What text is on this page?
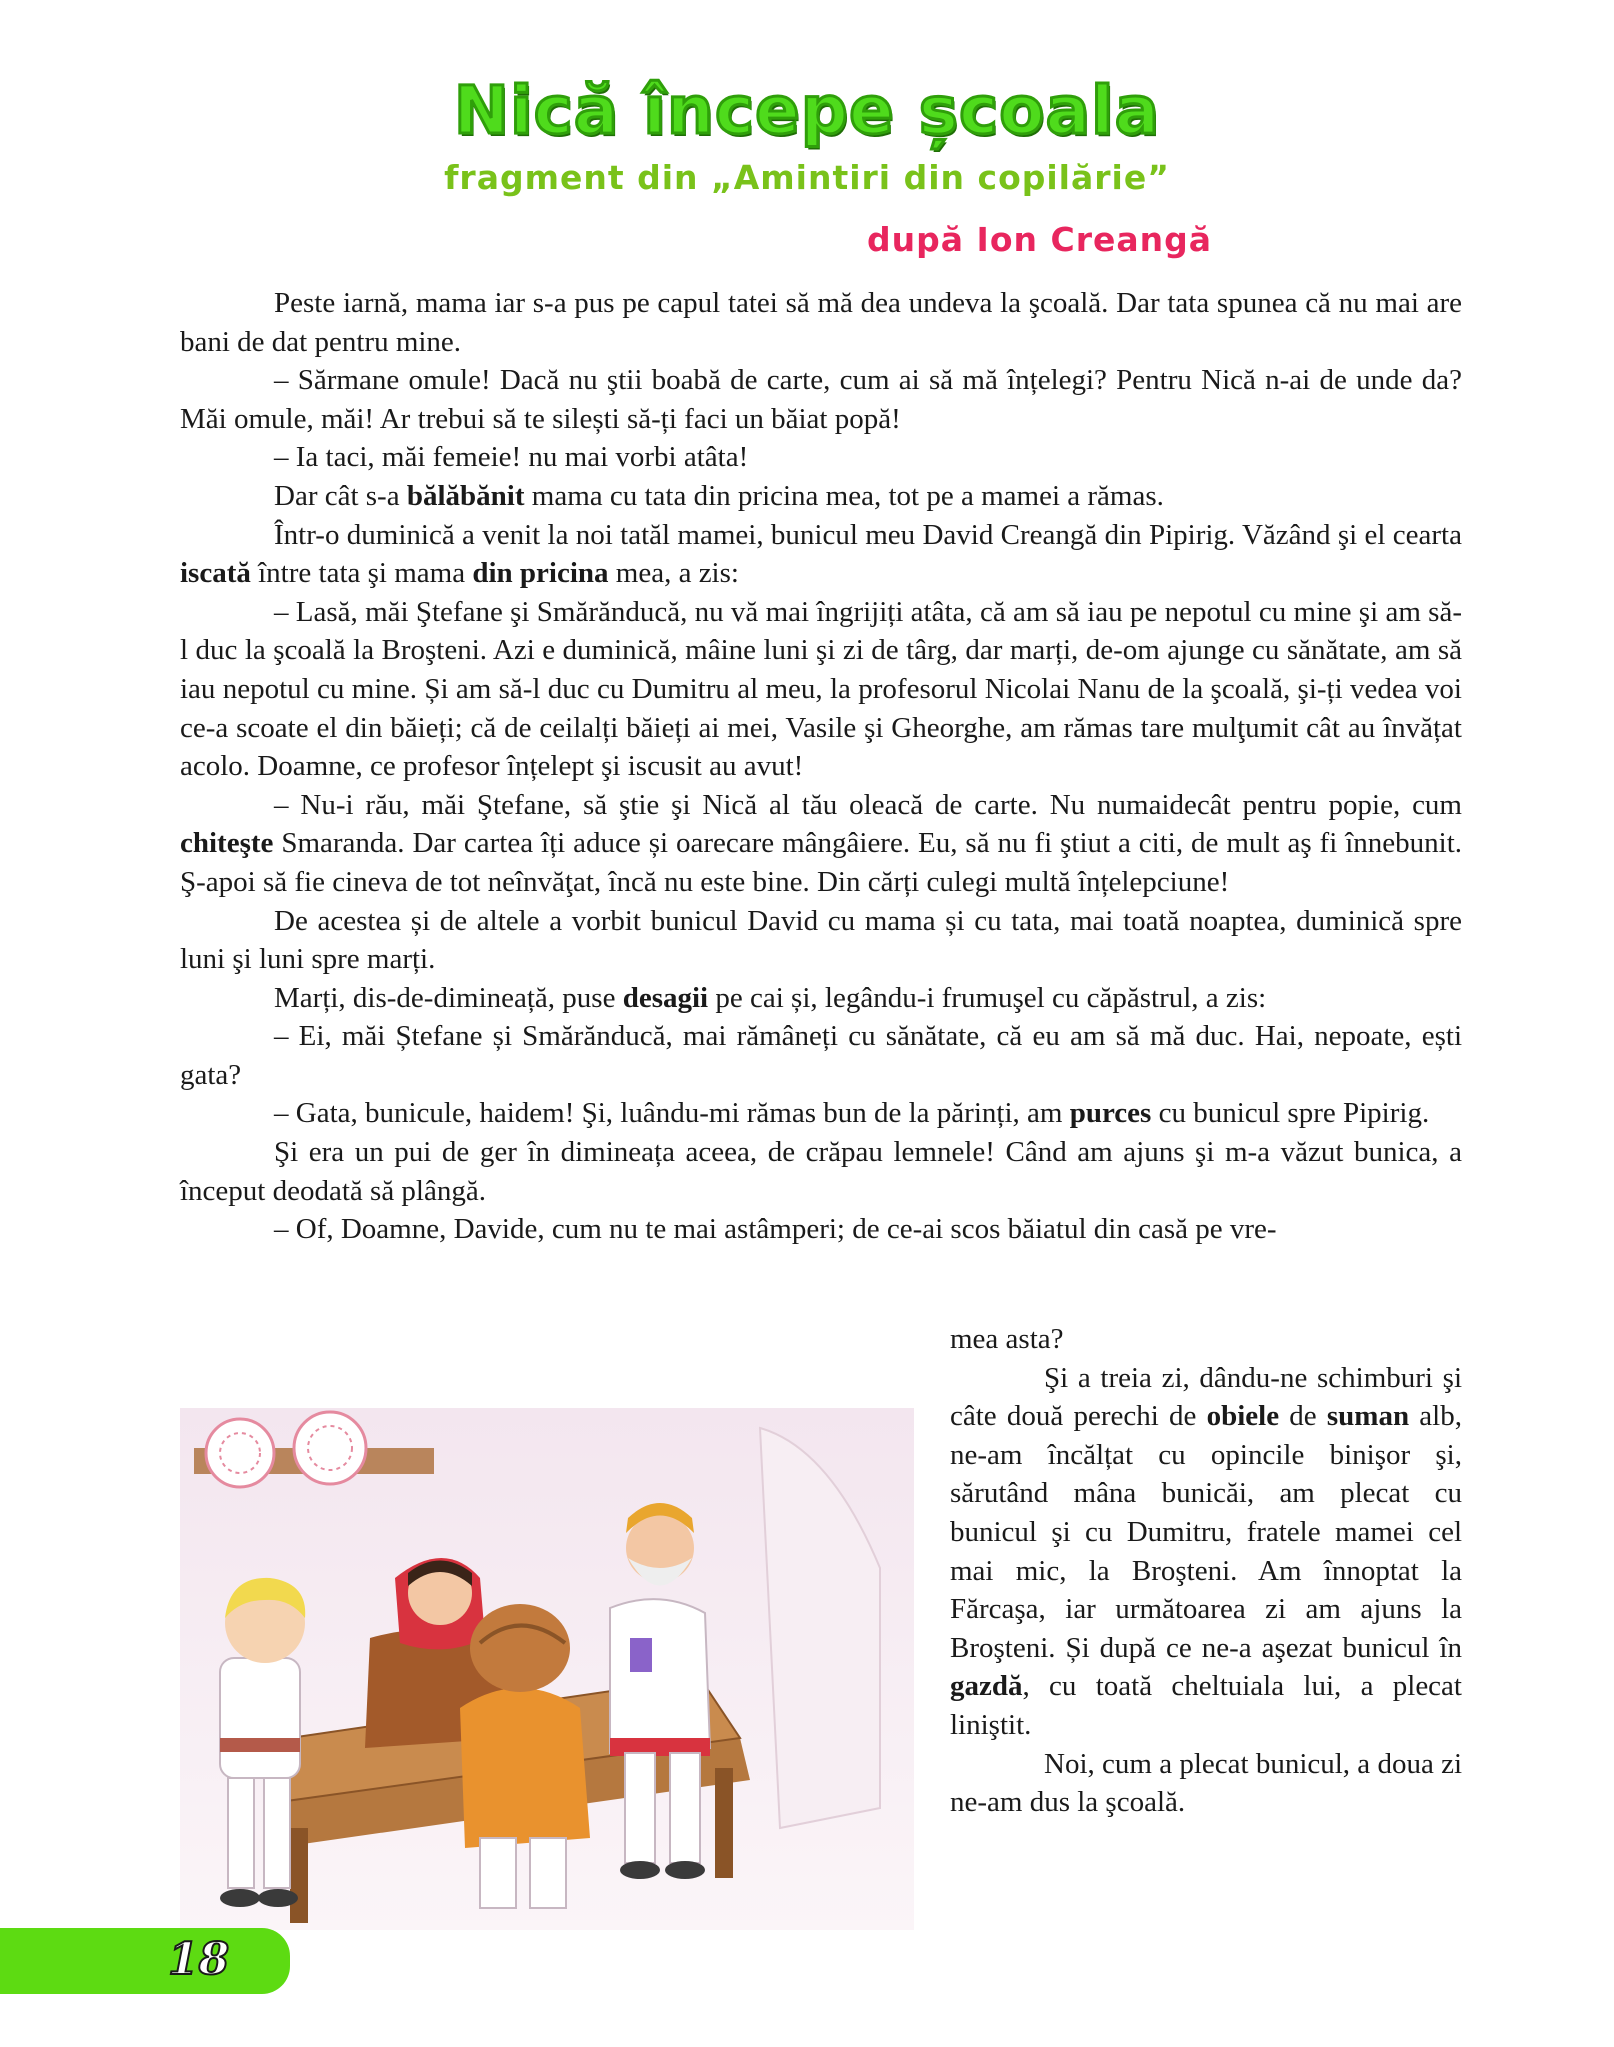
Nică începe școala
fragment din „Amintiri din copilărie”
după Ion Creangă

Peste iarnă, mama iar s-a pus pe capul tatei să mă dea undeva la şcoală. Dar tata spunea că nu mai are bani de dat pentru mine.

– Sărmane omule! Dacă nu ştii boabă de carte, cum ai să mă înțelegi? Pentru Nică n-ai de unde da? Măi omule, măi! Ar trebui să te silești să-ți faci un băiat popă!

– Ia taci, măi femeie! nu mai vorbi atâta!

Dar cât s-a bălăbănit mama cu tata din pricina mea, tot pe a mamei a rămas.

Într-o duminică a venit la noi tatăl mamei, bunicul meu David Creangă din Pipirig. Văzând şi el cearta iscată între tata şi mama din pricina mea, a zis:

– Lasă, măi Ştefane şi Smărănducă, nu vă mai îngrijiți atâta, că am să iau pe nepotul cu mine şi am să-l duc la şcoală la Broşteni. Azi e duminică, mâine luni şi zi de târg, dar marți, de-om ajunge cu sănătate, am să iau nepotul cu mine. Și am să-l duc cu Dumitru al meu, la profesorul Nicolai Nanu de la şcoală, şi-ți vedea voi ce-a scoate el din băieți; că de ceilalți băieți ai mei, Vasile şi Gheorghe, am rămas tare mulţumit cât au învățat acolo. Doamne, ce profesor înțelept şi iscusit au avut!

– Nu-i rău, măi Ştefane, să ştie şi Nică al tău oleacă de carte. Nu numaidecât pentru popie, cum chiteşte Smaranda. Dar cartea îți aduce și oarecare mângâiere. Eu, să nu fi ştiut a citi, de mult aş fi înnebunit. Ş-apoi să fie cineva de tot neînvăţat, încă nu este bine. Din cărți culegi multă înțelepciune!

De acestea și de altele a vorbit bunicul David cu mama și cu tata, mai toată noaptea, duminică spre luni şi luni spre marți.

Marți, dis-de-dimineață, puse desagii pe cai și, legându-i frumuşel cu căpăstrul, a zis:

– Ei, măi Ștefane și Smărănducă, mai rămâneți cu sănătate, că eu am să mă duc. Hai, nepoate, ești gata?

– Gata, bunicule, haidem! Şi, luându-mi rămas bun de la părinți, am purces cu bunicul spre Pipirig.

Şi era un pui de ger în dimineața aceea, de crăpau lemnele! Când am ajuns şi m-a văzut bunica, a început deodată să plângă.

– Of, Doamne, Davide, cum nu te mai astâmperi; de ce-ai scos băiatul din casă pe vre-

mea asta?

Şi a treia zi, dându-ne schimburi şi câte două perechi de obiele de suman alb, ne-am încălțat cu opincile binişor şi, sărutând mâna bunicăi, am plecat cu bunicul şi cu Dumitru, fratele mamei cel mai mic, la Broşteni. Am înnoptat la Fărcaşa, iar următoarea zi am ajuns la Broşteni. Și după ce ne-a aşezat bunicul în gazdă, cu toată cheltuiala lui, a plecat liniştit.

Noi, cum a plecat bunicul, a doua zi ne-am dus la şcoală.

18
